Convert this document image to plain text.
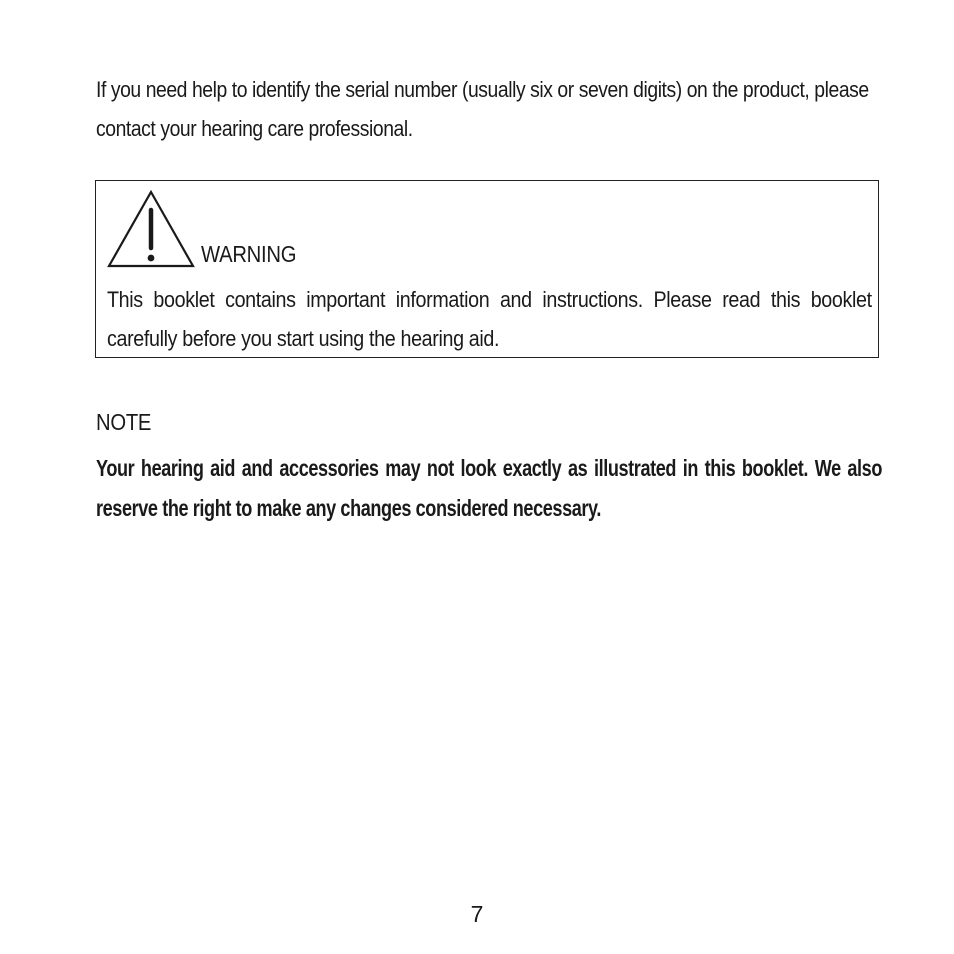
If you need help to identify the serial number (usually six or seven digits) on the product, please contact your hearing care professional.

WARNING

This booklet contains important information and instructions. Please read this booklet carefully before you start using the hearing aid.

NOTE

Your hearing aid and accessories may not look exactly as illustrated in this booklet. We also reserve the right to make any changes considered necessary.

7
